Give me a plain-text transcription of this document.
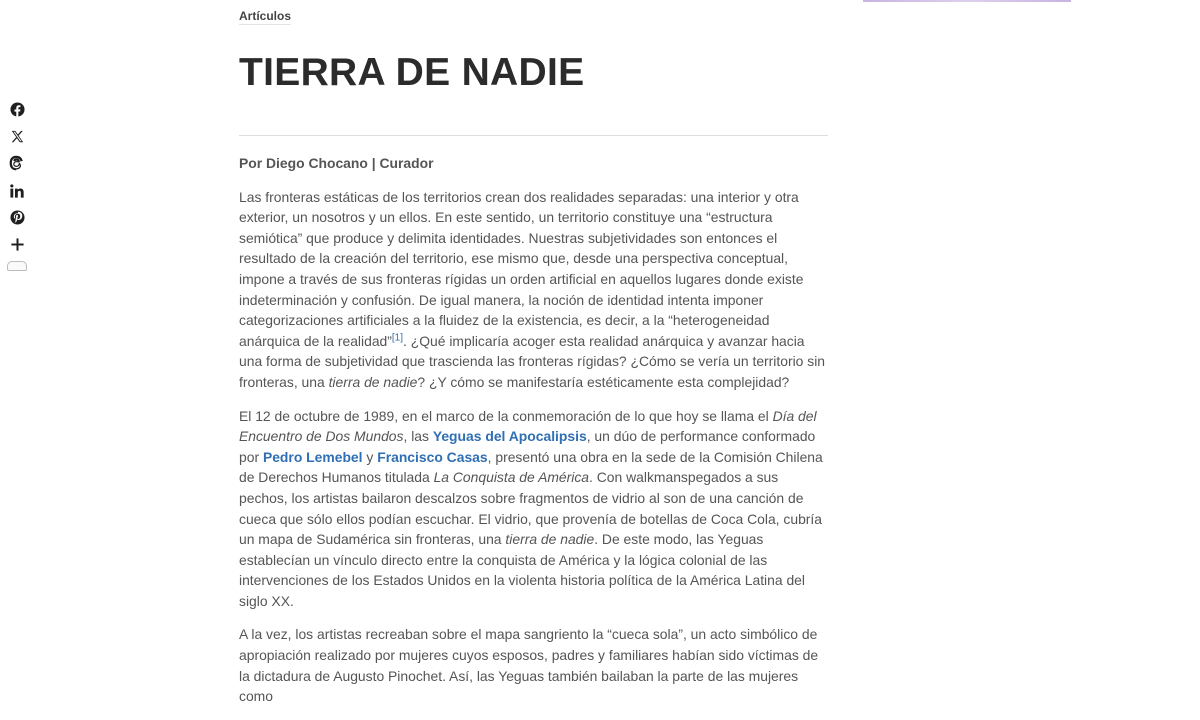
Artículos
TIERRA DE NADIE

Por Diego Chocano | Curador

Las fronteras estáticas de los territorios crean dos realidades separadas: una interior y otra exterior, un nosotros y un ellos. En este sentido, un territorio constituye una “estructura semiótica” que produce y delimita identidades. Nuestras subjetividades son entonces el resultado de la creación del territorio, ese mismo que, desde una perspectiva conceptual, impone a través de sus fronteras rígidas un orden artificial en aquellos lugares donde existe indeterminación y confusión. De igual manera, la noción de identidad intenta imponer categorizaciones artificiales a la fluidez de la existencia, es decir, a la “heterogeneidad anárquica de la realidad”[1]. ¿Qué implicaría acoger esta realidad anárquica y avanzar hacia una forma de subjetividad que trascienda las fronteras rígidas? ¿Cómo se vería un territorio sin fronteras, una tierra de nadie? ¿Y cómo se manifestaría estéticamente esta complejidad?

El 12 de octubre de 1989, en el marco de la conmemoración de lo que hoy se llama el Día del Encuentro de Dos Mundos, las Yeguas del Apocalipsis, un dúo de performance conformado por Pedro Lemebel y Francisco Casas, presentó una obra en la sede de la Comisión Chilena de Derechos Humanos titulada La Conquista de América. Con walkmanspegados a sus pechos, los artistas bailaron descalzos sobre fragmentos de vidrio al son de una canción de cueca que sólo ellos podían escuchar. El vidrio, que provenía de botellas de Coca Cola, cubría un mapa de Sudamérica sin fronteras, una tierra de nadie. De este modo, las Yeguas establecían un vínculo directo entre la conquista de América y la lógica colonial de las intervenciones de los Estados Unidos en la violenta historia política de la América Latina del siglo XX.

A la vez, los artistas recreaban sobre el mapa sangriento la “cueca sola”, un acto simbólico de apropiación realizado por mujeres cuyos esposos, padres y familiares habían sido víctimas de la dictadura de Augusto Pinochet. Así, las Yeguas también bailaban la parte de las mujeres como
